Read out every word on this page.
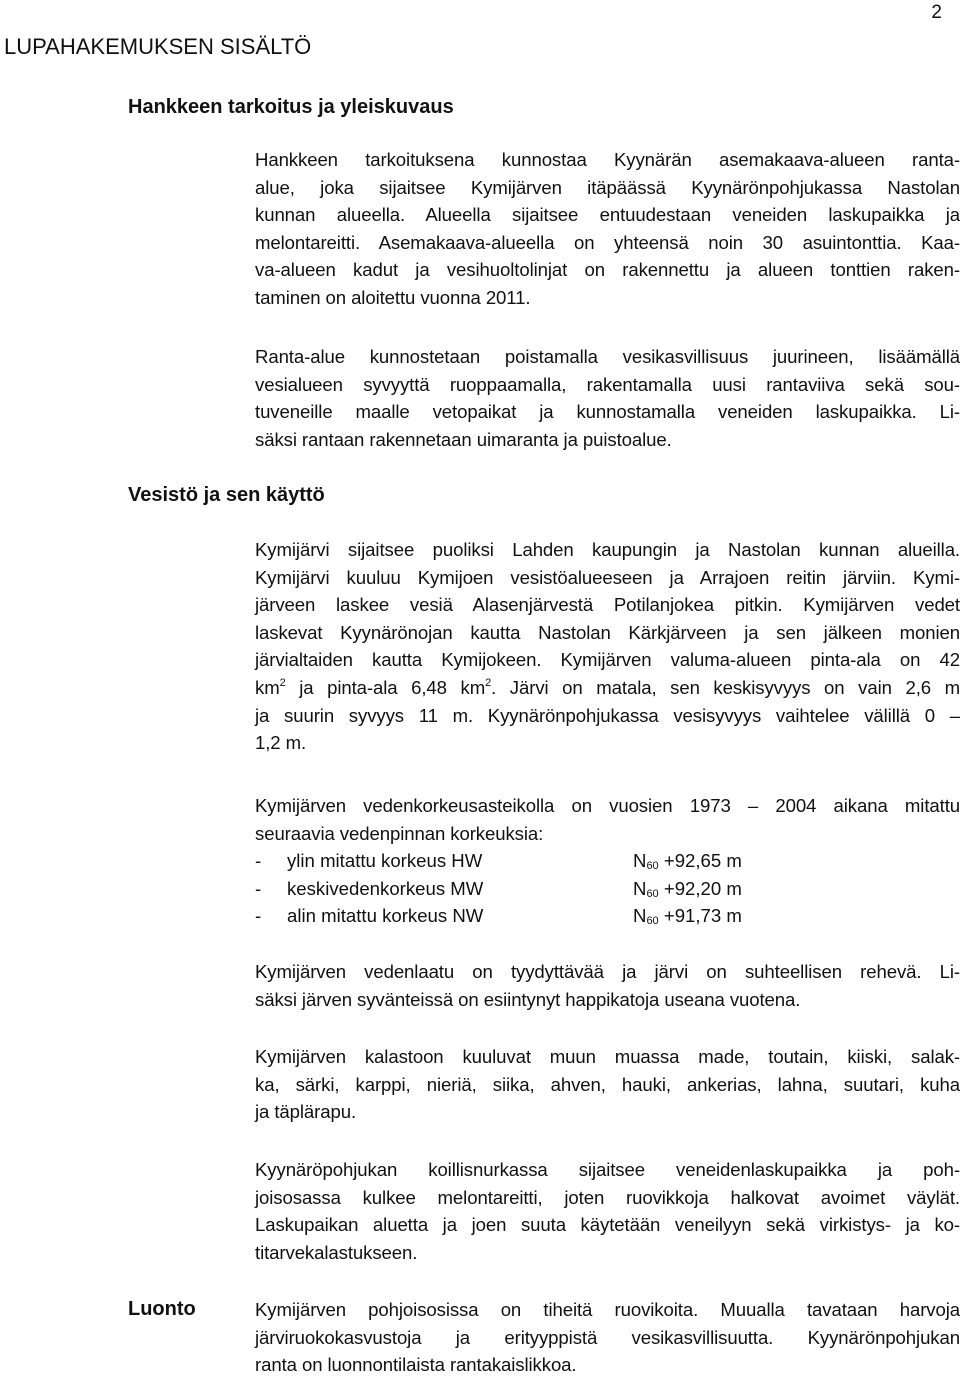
2
LUPAHAKEMUKSEN SISÄLTÖ
Hankkeen tarkoitus ja yleiskuvaus
Hankkeen tarkoituksena kunnostaa Kyynärän asemakaava-alueen ranta-
alue, joka sijaitsee Kymijärven itäpäässä Kyynärönpohjukassa Nastolan
kunnan alueella. Alueella sijaitsee entuudestaan veneiden laskupaikka ja
melontareitti. Asemakaava-alueella on yhteensä noin 30 asuintonttia. Kaa-
va-alueen kadut ja vesihuoltolinjat on rakennettu ja alueen tonttien raken-
taminen on aloitettu vuonna 2011.
Ranta-alue kunnostetaan poistamalla vesikasvillisuus juurineen, lisäämällä
vesialueen syvyyttä ruoppaamalla, rakentamalla uusi rantaviiva sekä sou-
tuveneille maalle vetopaikat ja kunnostamalla veneiden laskupaikka. Li-
säksi rantaan rakennetaan uimaranta ja puistoalue.
Vesistö ja sen käyttö
Kymijärvi sijaitsee puoliksi Lahden kaupungin ja Nastolan kunnan alueilla.
Kymijärvi kuuluu Kymijoen vesistöalueeseen ja Arrajoen reitin järviin. Kymi-
järveen laskee vesiä Alasenjärvestä Potilanjokea pitkin. Kymijärven vedet
laskevat Kyynärönojan kautta Nastolan Kärkjärveen ja sen jälkeen monien
järvialtaiden kautta Kymijokeen. Kymijärven valuma-alueen pinta-ala on 42
$km^2$ ja pinta-ala 6,48 $km^2$. Järvi on matala, sen keskisyvyys on vain 2,6 m
ja suurin syvyys 11 m. Kyynärönpohjukassa vesisyvyys vaihtelee välillä 0 –
1,2 m.
Kymijärven vedenkorkeusasteikolla on vuosien 1973 – 2004 aikana mitattu
seuraavia vedenpinnan korkeuksia:
-	ylin mitattu korkeus HW	$N_{60} +92,65$ m
-	keskivedenkorkeus MW	$N_{60} +92,20$ m
-	alin mitattu korkeus NW	$N_{60} +91,73$ m
Kymijärven vedenlaatu on tyydyttävää ja järvi on suhteellisen rehevä. Li-
säksi järven syvänteissä on esiintynyt happikatoja useana vuotena.
Kymijärven kalastoon kuuluvat muun muassa made, toutain, kiiski, salak-
ka, särki, karppi, nieriä, siika, ahven, hauki, ankerias, lahna, suutari, kuha
ja täplärapu.
Kyynäröpohjukan koillisnurkassa sijaitsee veneidenlaskupaikka ja poh-
joisosassa kulkee melontareitti, joten ruovikkoja halkovat avoimet väylät.
Laskupaikan aluetta ja joen suuta käytetään veneilyyn sekä virkistys- ja ko-
titarvekalastukseen.
Luonto	Kymijärven pohjoisosissa on tiheitä ruovikoita. Muualla tavataan harvoja
järviruokokasvustoja ja erityyppistä vesikasvillisuutta. Kyynärönpohjukan
ranta on luonnontilaista rantakaislikkoa.
